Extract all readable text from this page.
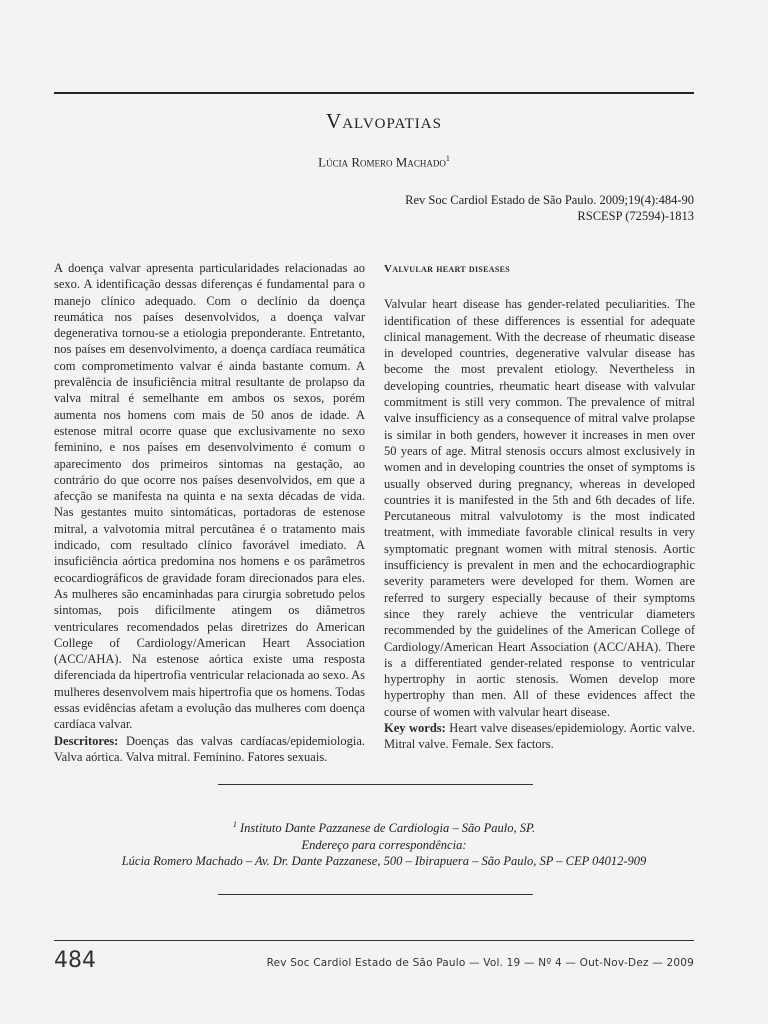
Valvopatias
Lúcia Romero Machado$^1$
Rev Soc Cardiol Estado de São Paulo. 2009;19(4):484-90
RSCESP (72594)-1813

A doença valvar apresenta particularidades relacionadas ao sexo. A identificação dessas diferenças é fundamental para o manejo clínico adequado. Com o declínio da doença reumática nos países desenvolvidos, a doença valvar degenerativa tornou-se a etiologia preponderante. Entretanto, nos países em desenvolvimento, a doença cardíaca reumática com comprometimento valvar é ainda bastante comum. A prevalência de insuficiência mitral resultante de prolapso da valva mitral é semelhante em ambos os sexos, porém aumenta nos homens com mais de 50 anos de idade. A estenose mitral ocorre quase que exclusivamente no sexo feminino, e nos países em desenvolvimento é comum o aparecimento dos primeiros sintomas na gestação, ao contrário do que ocorre nos países desenvolvidos, em que a afecção se manifesta na quinta e na sexta décadas de vida. Nas gestantes muito sintomáticas, portadoras de estenose mitral, a valvotomia mitral percutânea é o tratamento mais indicado, com resultado clínico favorável imediato. A insuficiência aórtica predomina nos homens e os parâmetros ecocardiográficos de gravidade foram direcionados para eles. As mulheres são encaminhadas para cirurgia sobretudo pelos sintomas, pois dificilmente atingem os diâmetros ventriculares recomendados pelas diretrizes do American College of Cardiology/American Heart Association (ACC/AHA). Na estenose aórtica existe uma resposta diferenciada da hipertrofia ventricular relacionada ao sexo. As mulheres desenvolvem mais hipertrofia que os homens. Todas essas evidências afetam a evolução das mulheres com doença cardíaca valvar.

Descritores: Doenças das valvas cardíacas/epidemiologia. Valva aórtica. Valva mitral. Feminino. Fatores sexuais.

Valvular heart diseases

Valvular heart disease has gender-related peculiarities. The identification of these differences is essential for adequate clinical management. With the decrease of rheumatic disease in developed countries, degenerative valvular disease has become the most prevalent etiology. Nevertheless in developing countries, rheumatic heart disease with valvular commitment is still very common. The prevalence of mitral valve insufficiency as a consequence of mitral valve prolapse is similar in both genders, however it increases in men over 50 years of age. Mitral stenosis occurs almost exclusively in women and in developing countries the onset of symptoms is usually observed during pregnancy, whereas in developed countries it is manifested in the 5th and 6th decades of life. Percutaneous mitral valvulotomy is the most indicated treatment, with immediate favorable clinical results in very symptomatic pregnant women with mitral stenosis. Aortic insufficiency is prevalent in men and the echocardiographic severity parameters were developed for them. Women are referred to surgery especially because of their symptoms since they rarely achieve the ventricular diameters recommended by the guidelines of the American College of Cardiology/American Heart Association (ACC/AHA). There is a differentiated gender-related response to ventricular hypertrophy in aortic stenosis. Women develop more hypertrophy than men. All of these evidences affect the course of women with valvular heart disease.

Key words: Heart valve diseases/epidemiology. Aortic valve. Mitral valve. Female. Sex factors.

$^1$ Instituto Dante Pazzanese de Cardiologia – São Paulo, SP.
Endereço para correspondência:
Lúcia Romero Machado – Av. Dr. Dante Pazzanese, 500 – Ibirapuera – São Paulo, SP – CEP 04012-909
484	Rev Soc Cardiol Estado de São Paulo — Vol. 19 — Nº 4 — Out-Nov-Dez — 2009
